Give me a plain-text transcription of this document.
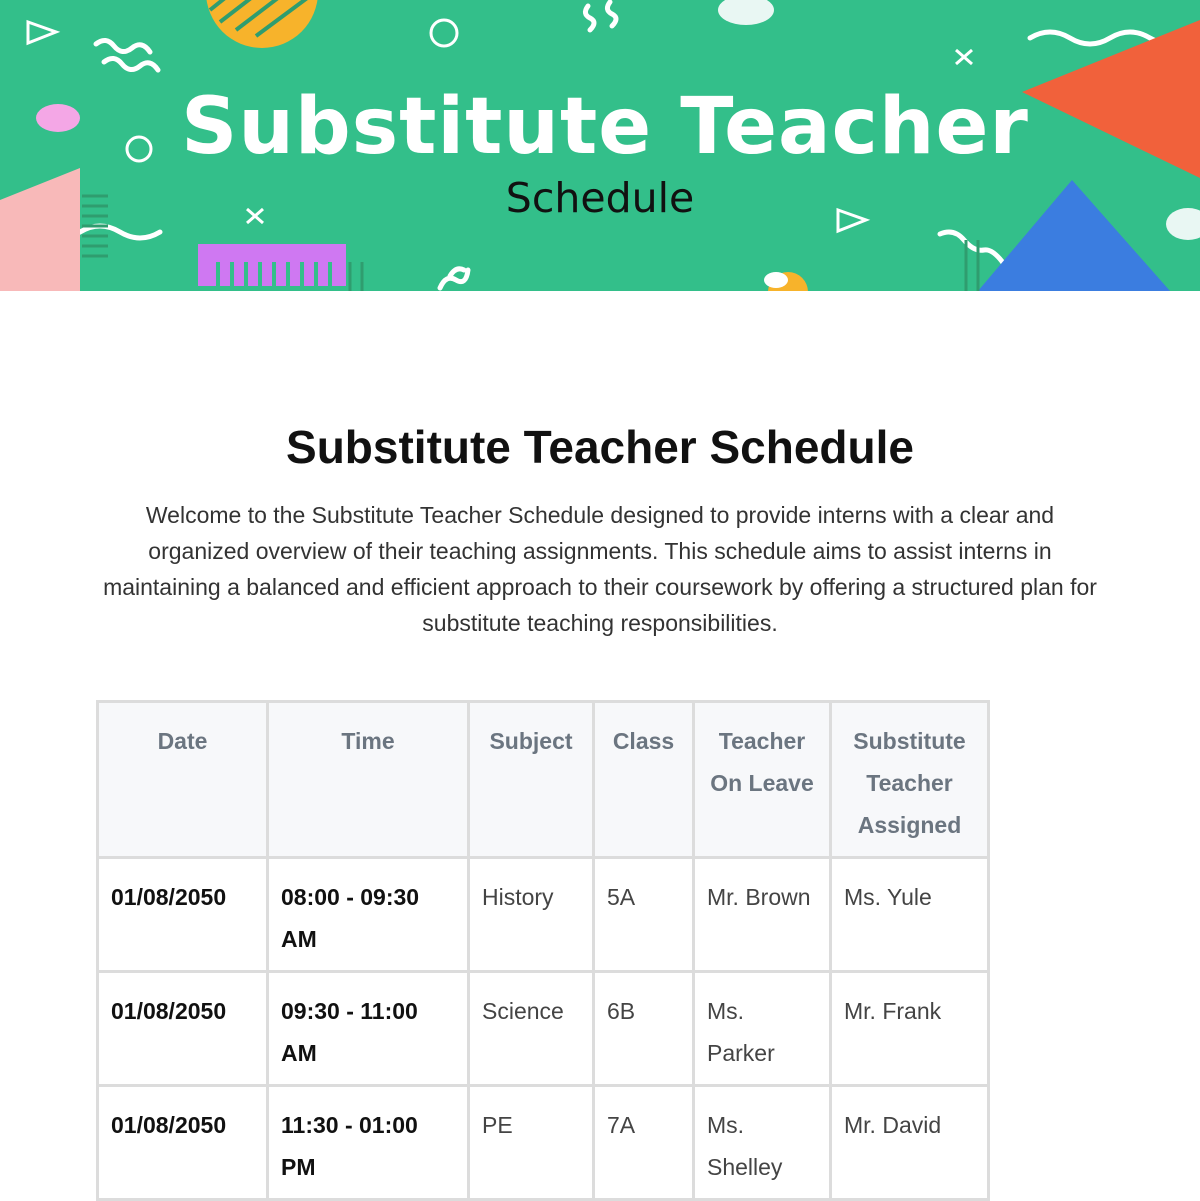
Substitute Teacher
Schedule
Substitute Teacher Schedule

Welcome to the Substitute Teacher Schedule designed to provide interns with a clear and organized overview of their teaching assignments. This schedule aims to assist interns in maintaining a balanced and efficient approach to their coursework by offering a structured plan for substitute teaching responsibilities.

Date	Time	Subject	Class	Teacher On Leave	Substitute Teacher Assigned
01/08/2050	08:00 - 09:30 AM	History	5A	Mr. Brown	Ms. Yule
01/08/2050	09:30 - 11:00 AM	Science	6B	Ms. Parker	Mr. Frank
01/08/2050	11:30 - 01:00 PM	PE	7A	Ms. Shelley	Mr. David
